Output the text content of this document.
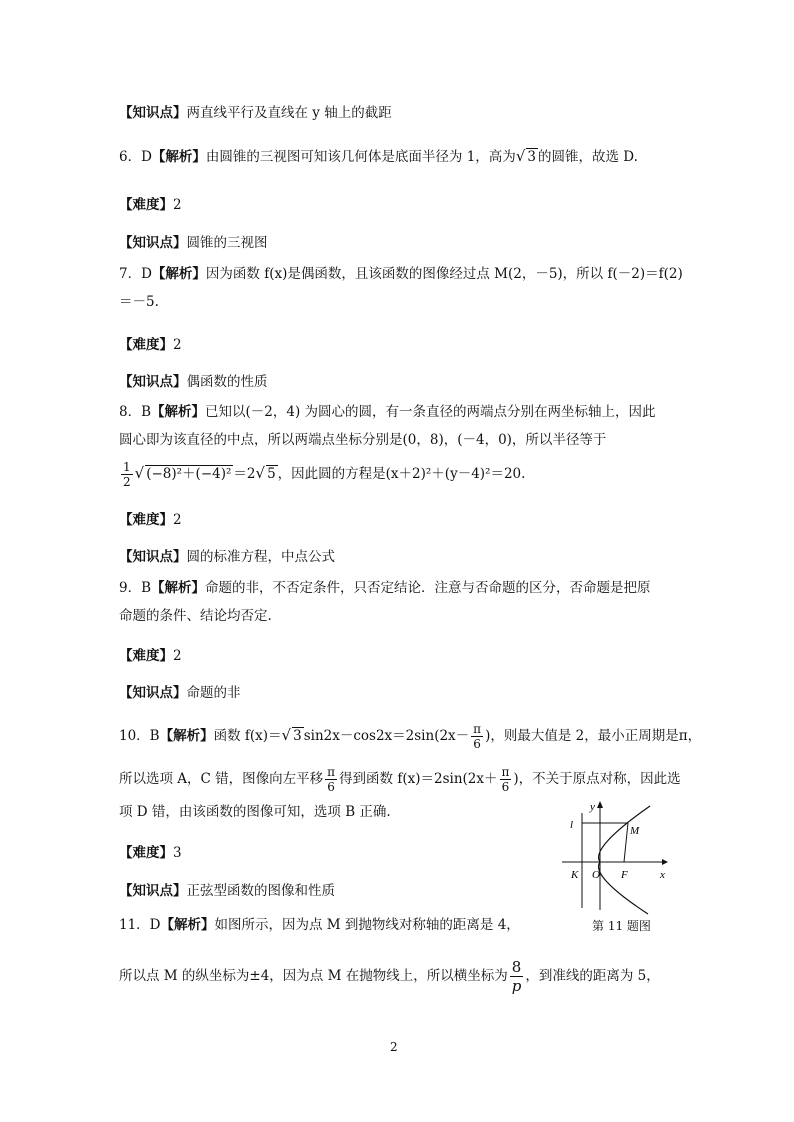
【知识点】两直线平行及直线在 y 轴上的截距
6．D【解析】由圆锥的三视图可知该几何体是底面半径为 1，高为√ 3 的圆锥，故选 D.
【难度】2
【知识点】圆锥的三视图
7．D【解析】因为函数 f(x)是偶函数，且该函数的图像经过点 M(2，－5)，所以 f(－2)＝f(2)
＝－5.
【难度】2
【知识点】偶函数的性质
8．B【解析】已知以(－2，4) 为圆心的圆，有一条直径的两端点分别在两坐标轴上，因此
圆心即为该直径的中点，所以两端点坐标分别是(0，8)，(－4，0)，所以半径等于
$\frac{1}{2}$ √ (−8)²＋(−4)² ＝2√ 5 ，因此圆的方程是(x＋2)²＋(y－4)²＝20.
【难度】2
【知识点】圆的标准方程，中点公式
9．B【解析】命题的非，不否定条件，只否定结论．注意与否命题的区分，否命题是把原
命题的条件、结论均否定.
【难度】2
【知识点】命题的非
10．B【解析】函数 f(x)＝√ 3 $\sin 2x-\cos 2x=2\sin(2x- \frac{\pi}{6}$ )，则最大值是 2，最小正周期是π，
所以选项 A，C 错，图像向左平移 $\frac{\pi}{6}$ 得到函数 $f(x)=2\sin(2x+ \frac{\pi}{6}$ )，不关于原点对称，因此选
项 D 错，由该函数的图像可知，选项 B 正确.
【难度】3
【知识点】正弦型函数的图像和性质
11．D【解析】如图所示，因为点 M 到抛物线对称轴的距离是 4，
所以点 M 的纵坐标为±4，因为点 M 在抛物线上，所以横坐标为 $\frac{8}{p}$ ，到准线的距离为 5，
y
x
l	M
K O F
第 11 题图
2
